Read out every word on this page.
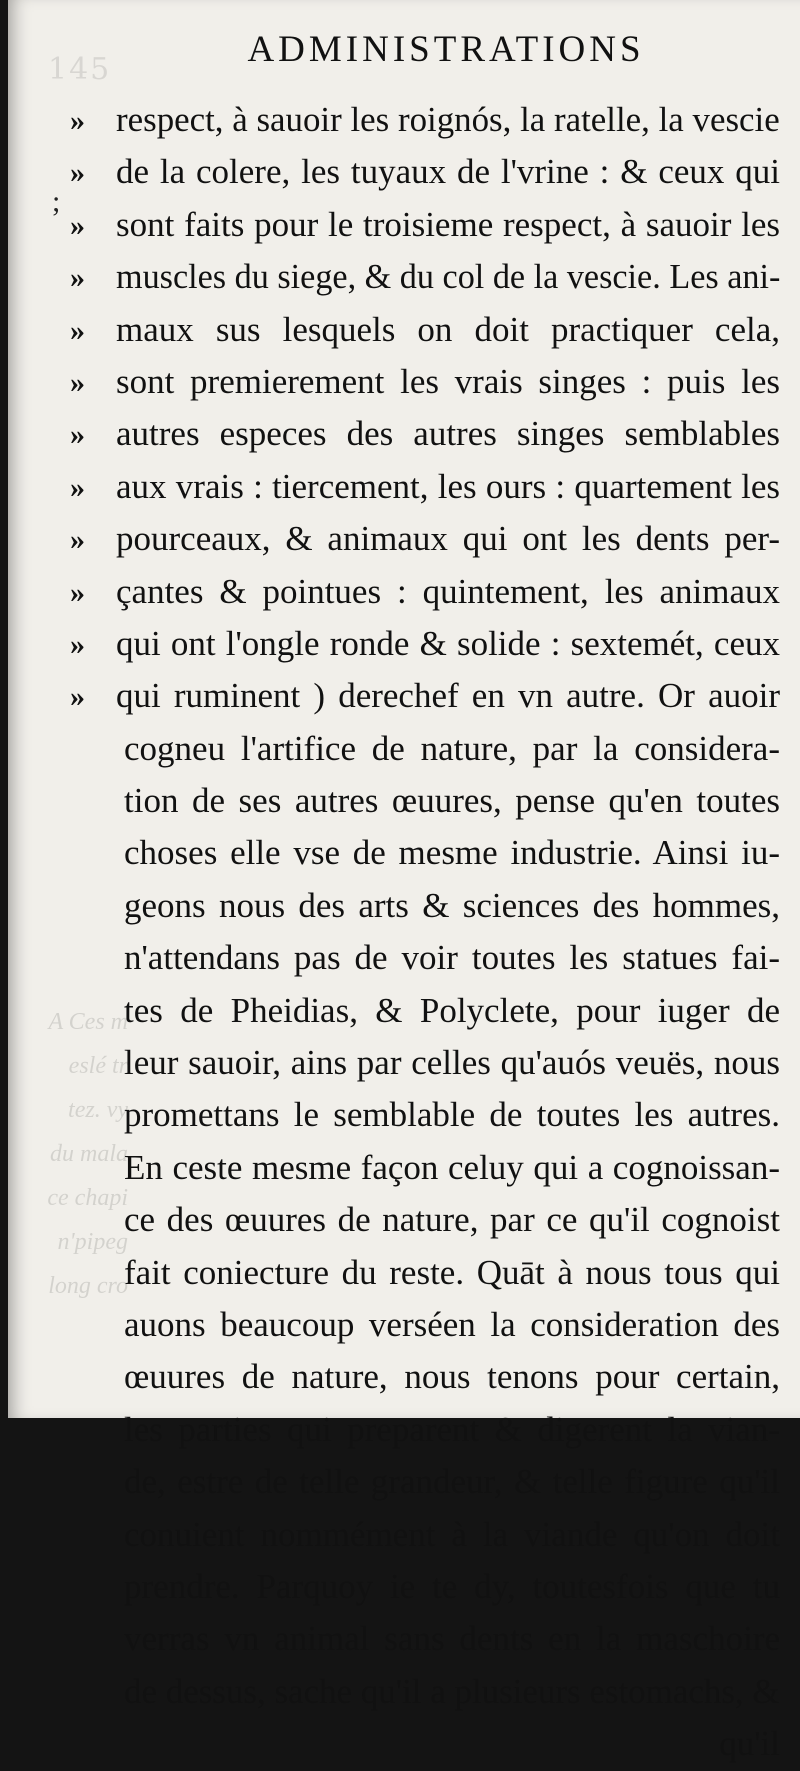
145	ADMINISTRATIONS
;
A Ces m
eslé tr
tez. vy
du mala
ce chapi
n'pipeg
long cro
» respect, à sauoir les roignós, la ratelle, la vescie
» de la colere, les tuyaux de l'vrine : & ceux qui
» sont faits pour le troisieme respect, à sauoir les
» muscles du siege, & du col de la vescie. Les ani-
» maux sus lesquels on doit practiquer cela,
» sont premierement les vrais singes : puis les
» autres especes des autres singes semblables
» aux vrais : tiercement, les ours : quartement les
» pourceaux, & animaux qui ont les dents per-
» çantes & pointues : quintement, les animaux
» qui ont l'ongle ronde & solide : sextemét, ceux
» qui ruminent ) derechef en vn autre. Or auoir
cogneu l'artifice de nature, par la considera-
tion de ses autres œuures, pense qu'en toutes
choses elle vse de mesme industrie. Ainsi iu-
geons nous des arts & sciences des hommes,
n'attendans pas de voir toutes les statues fai-
tes de Pheidias, & Polyclete, pour iuger de
leur sauoir, ains par celles qu'auós veuës, nous
promettans le semblable de toutes les autres.
En ceste mesme façon celuy qui a cognoissan-
ce des œuures de nature, par ce qu'il cognoist
fait coniecture du reste. Quāt à nous tous qui
auons beaucoup verséen la consideration des
œuures de nature, nous tenons pour certain,
les parties qui preparent & digerent la vian-
de, estre de telle grandeur, & telle figure qu'il
conuient nommément à la viande qu'on doit
prendre. Parquoy ie te dy, toutesfois que tu
verras vn animal sans dents en la maschoire
de dessus, sache qu'il a plusieurs estomachs, &
qu'il
